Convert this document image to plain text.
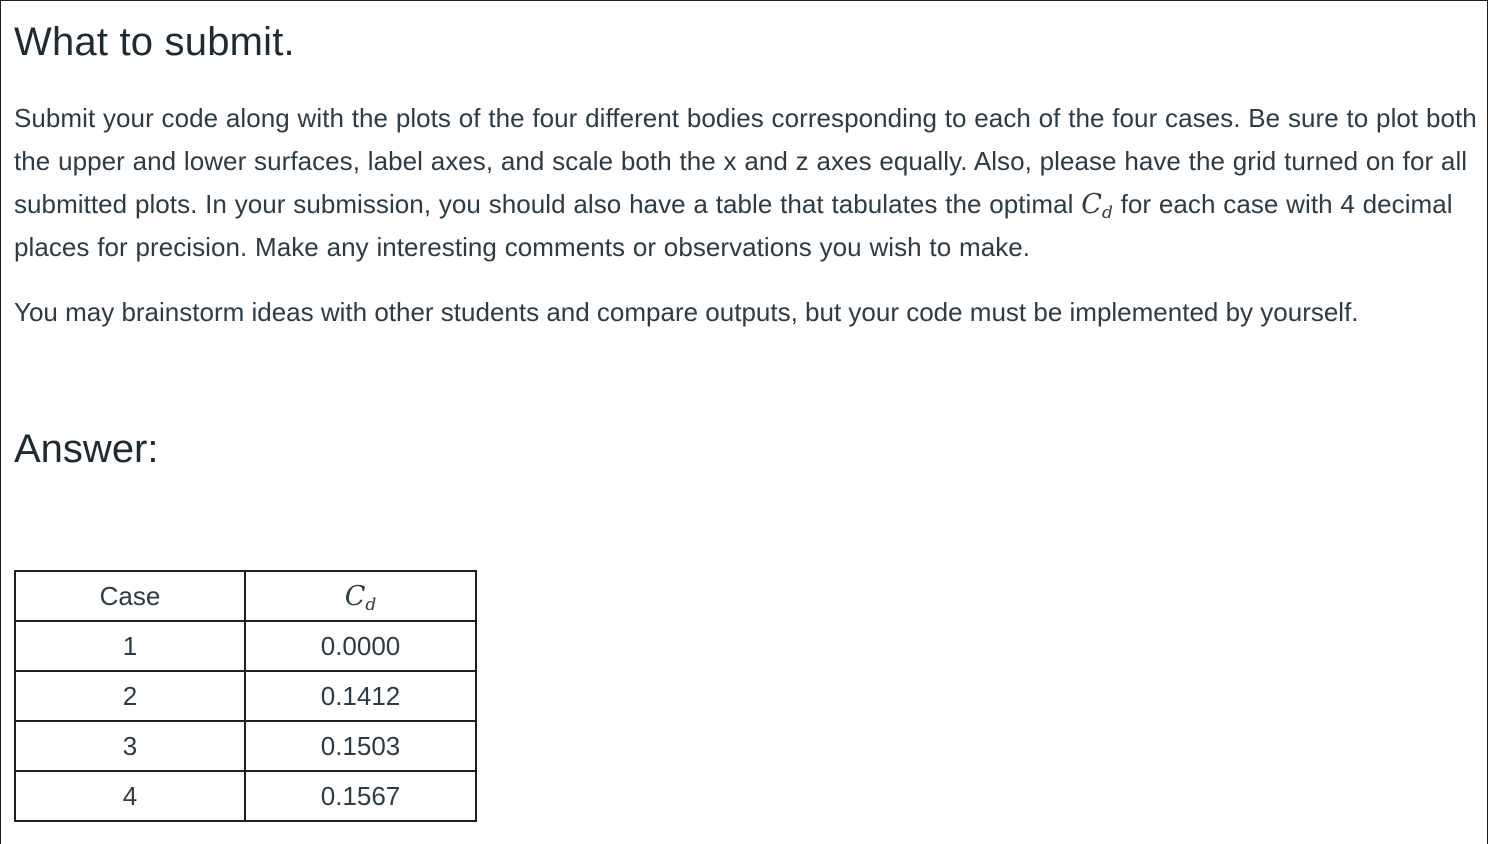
What to submit.

Submit your code along with the plots of the four different bodies corresponding to each of the four cases. Be sure to plot both the upper and lower surfaces, label axes, and scale both the x and z axes equally. Also, please have the grid turned on for all submitted plots. In your submission, you should also have a table that tabulates the optimal $C_d$ for each case with 4 decimal places for precision. Make any interesting comments or observations you wish to make.

You may brainstorm ideas with other students and compare outputs, but your code must be implemented by yourself.

Answer:
Case	$C_d$
1	0.0000
2	0.1412
3	0.1503
4	0.1567
